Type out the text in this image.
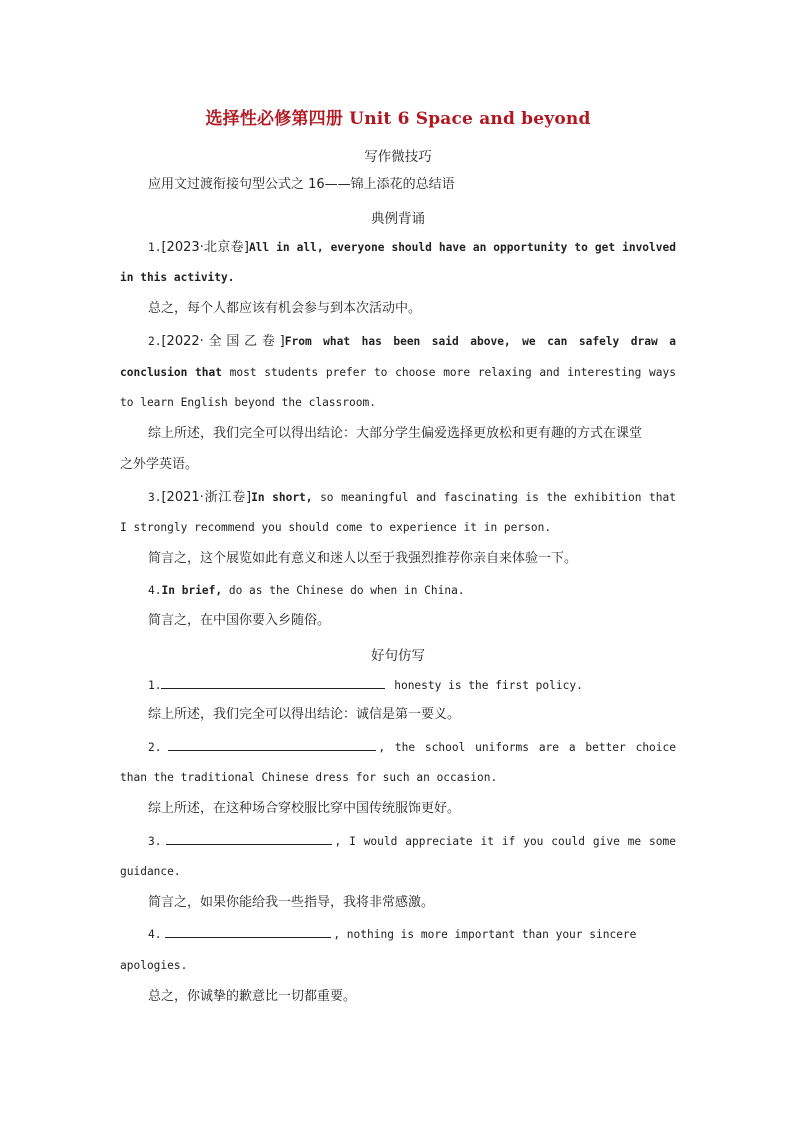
选择性必修第四册 Unit 6 Space and beyond
写作微技巧
应用文过渡衔接句型公式之 16——锦上添花的总结语
典例背诵
1.[2023·北京卷]All in all, everyone should have an opportunity to get involved
in this activity.
总之，每个人都应该有机会参与到本次活动中。
2.[2022·全国乙卷]From what has been said above, we can safely draw a
conclusion that most students prefer to choose more relaxing and interesting ways
to learn English beyond the classroom.
综上所述，我们完全可以得出结论：大部分学生偏爱选择更放松和更有趣的方式在课堂
之外学英语。
3.[2021·浙江卷]In short, so meaningful and fascinating is the exhibition that
I strongly recommend you should come to experience it in person.
简言之，这个展览如此有意义和迷人以至于我强烈推荐你亲自来体验一下。
4.In brief, do as the Chinese do when in China.
简言之，在中国你要入乡随俗。
好句仿写
1.	honesty is the first policy.
综上所述，我们完全可以得出结论：诚信是第一要义。
2.	, the school uniforms are a better choice
than the traditional Chinese dress for such an occasion.
综上所述，在这种场合穿校服比穿中国传统服饰更好。
3.	, I would appreciate it if you could give me some
guidance.
简言之，如果你能给我一些指导，我将非常感激。
4.	, nothing is more important than your sincere
apologies.
总之，你诚挚的歉意比一切都重要。
